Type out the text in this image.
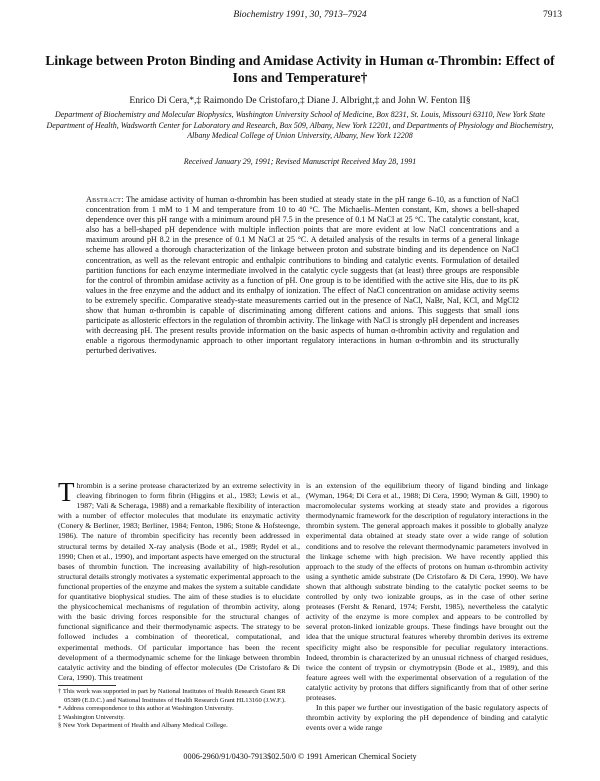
Biochemistry 1991, 30, 7913–7924	7913
Linkage between Proton Binding and Amidase Activity in Human α-Thrombin: Effect of Ions and Temperature†
Enrico Di Cera,*,‡ Raimondo De Cristofaro,‡ Diane J. Albright,‡ and John W. Fenton II§
Department of Biochemistry and Molecular Biophysics, Washington University School of Medicine, Box 8231, St. Louis, Missouri 63110, New York State Department of Health, Wadsworth Center for Laboratory and Research, Box 509, Albany, New York 12201, and Departments of Physiology and Biochemistry, Albany Medical College of Union University, Albany, New York 12208
Received January 29, 1991; Revised Manuscript Received May 28, 1991
Abstract: The amidase activity of human α-thrombin has been studied at steady state in the pH range 6–10, as a function of NaCl concentration from 1 mM to 1 M and temperature from 10 to 40 °C. The Michaelis–Menten constant, Km, shows a bell-shaped dependence over this pH range with a minimum around pH 7.5 in the presence of 0.1 M NaCl at 25 °C. The catalytic constant, kcat, also has a bell-shaped pH dependence with multiple inflection points that are more evident at low NaCl concentrations and a maximum around pH 8.2 in the presence of 0.1 M NaCl at 25 °C. A detailed analysis of the results in terms of a general linkage scheme has allowed a thorough characterization of the linkage between proton and substrate binding and its dependence on NaCl concentration, as well as the relevant entropic and enthalpic contributions to binding and catalytic events. Formulation of detailed partition functions for each enzyme intermediate involved in the catalytic cycle suggests that (at least) three groups are responsible for the control of thrombin amidase activity as a function of pH. One group is to be identified with the active site His, due to its pK values in the free enzyme and the adduct and its enthalpy of ionization. The effect of NaCl concentration on amidase activity seems to be extremely specific. Comparative steady-state measurements carried out in the presence of NaCl, NaBr, NaI, KCl, and MgCl2 show that human α-thrombin is capable of discriminating among different cations and anions. This suggests that small ions participate as allosteric effectors in the regulation of thrombin activity. The linkage with NaCl is strongly pH dependent and increases with decreasing pH. The present results provide information on the basic aspects of human α-thrombin activity and regulation and enable a rigorous thermodynamic approach to other important regulatory interactions in human α-thrombin and its structurally perturbed derivatives.

Thrombin is a serine protease characterized by an extreme selectivity in cleaving fibrinogen to form fibrin (Higgins et al., 1983; Lewis et al., 1987; Vali & Scheraga, 1988) and a remarkable flexibility of interaction with a number of effector molecules that modulate its enzymatic activity (Conery & Berliner, 1983; Berliner, 1984; Fenton, 1986; Stone & Hofsteenge, 1986). The nature of thrombin specificity has recently been addressed in structural terms by detailed X-ray analysis (Bode et al., 1989; Rydel et al., 1990; Chen et al., 1990), and important aspects have emerged on the structural bases of thrombin function. The increasing availability of high-resolution structural details strongly motivates a systematic experimental approach to the functional properties of the enzyme and makes the system a suitable candidate for quantitative biophysical studies. The aim of these studies is to elucidate the physicochemical mechanisms of regulation of thrombin activity, along with the basic driving forces responsible for the structural changes of functional significance and their thermodynamic aspects. The strategy to be followed includes a combination of theoretical, computational, and experimental methods. Of particular importance has been the recent development of a thermodynamic scheme for the linkage between thrombin catalytic activity and the binding of effector molecules (De Cristofaro & Di Cera, 1990). This treatment

is an extension of the equilibrium theory of ligand binding and linkage (Wyman, 1964; Di Cera et al., 1988; Di Cera, 1990; Wyman & Gill, 1990) to macromolecular systems working at steady state and provides a rigorous thermodynamic framework for the description of regulatory interactions in the thrombin system. The general approach makes it possible to globally analyze experimental data obtained at steady state over a wide range of solution conditions and to resolve the relevant thermodynamic parameters involved in the linkage scheme with high precision. We have recently applied this approach to the study of the effects of protons on human α-thrombin activity using a synthetic amide substrate (De Cristofaro & Di Cera, 1990). We have shown that although substrate binding to the catalytic pocket seems to be controlled by only two ionizable groups, as in the case of other serine proteases (Fersht & Renard, 1974; Fersht, 1985), nevertheless the catalytic activity of the enzyme is more complex and appears to be controlled by several proton-linked ionizable groups. These findings have brought out the idea that the unique structural features whereby thrombin derives its extreme specificity might also be responsible for peculiar regulatory interactions. Indeed, thrombin is characterized by an unusual richness of charged residues, twice the content of trypsin or chymotrypsin (Bode et al., 1989), and this feature agrees well with the experimental observation of a regulation of the catalytic activity by protons that differs significantly from that of other serine proteases.

In this paper we further our investigation of the basic regulatory aspects of thrombin activity by exploring the pH dependence of binding and catalytic events over a wide range

† This work was supported in part by National Institutes of Health Research Grant RR 05389 (E.D.C.) and National Institutes of Health Research Grant HL13160 (J.W.F.).

* Address correspondence to this author at Washington University.

‡ Washington University.

§ New York Department of Health and Albany Medical College.

0006-2960/91/0430-7913$02.50/0 © 1991 American Chemical Society
